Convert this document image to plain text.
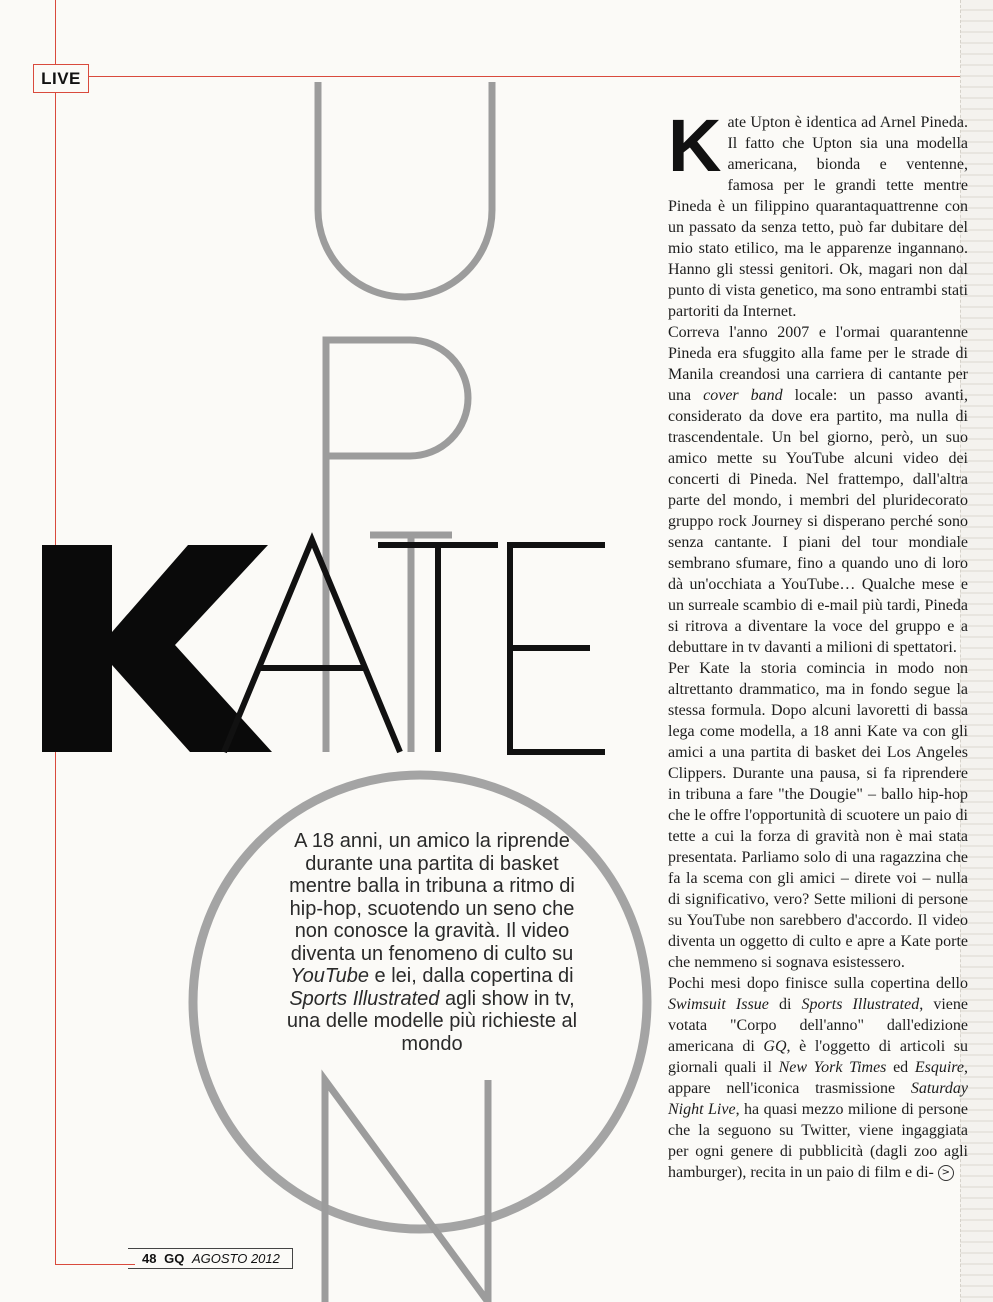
LIVE
A 18 anni, un amico la riprende durante una partita di basket mentre balla in tribuna a ritmo di hip-hop, scuotendo un seno che non conosce la gravità. Il video diventa un fenomeno di culto su YouTube e lei, dalla copertina di Sports Illustrated agli show in tv, una delle modelle più richieste al mondo

Kate Upton è identica ad Arnel Pineda. Il fatto che Upton sia una modella americana, bionda e ventenne, famosa per le grandi tette mentre Pineda è un filippino quarantaquattrenne con un passato da senza tetto, può far dubitare del mio stato etilico, ma le apparenze ingannano. Hanno gli stessi genitori. Ok, magari non dal punto di vista genetico, ma sono entrambi stati partoriti da Internet.

Correva l'anno 2007 e l'ormai quarantenne Pineda era sfuggito alla fame per le strade di Manila creandosi una carriera di cantante per una cover band locale: un passo avanti, considerato da dove era partito, ma nulla di trascendentale. Un bel giorno, però, un suo amico mette su YouTube alcuni video dei concerti di Pineda. Nel frattempo, dall'altra parte del mondo, i membri del pluridecorato gruppo rock Journey si disperano perché sono senza cantante. I piani del tour mondiale sembrano sfumare, fino a quando uno di loro dà un'occhiata a YouTube… Qualche mese e un surreale scambio di e-mail più tardi, Pineda si ritrova a diventare la voce del gruppo e a debuttare in tv davanti a milioni di spettatori.

Per Kate la storia comincia in modo non altrettanto drammatico, ma in fondo segue la stessa formula. Dopo alcuni lavoretti di bassa lega come modella, a 18 anni Kate va con gli amici a una partita di basket dei Los Angeles Clippers. Durante una pausa, si fa riprendere in tribuna a fare "the Dougie" – ballo hip-hop che le offre l'opportunità di scuotere un paio di tette a cui la forza di gravità non è mai stata presentata. Parliamo solo di una ragazzina che fa la scema con gli amici – direte voi – nulla di significativo, vero? Sette milioni di persone su YouTube non sarebbero d'accordo. Il video diventa un oggetto di culto e apre a Kate porte che nemmeno si sognava esistessero.

Pochi mesi dopo finisce sulla copertina dello Swimsuit Issue di Sports Illustrated, viene votata "Corpo dell'anno" dall'edizione americana di GQ, è l'oggetto di articoli su giornali quali il New York Times ed Esquire, appare nell'iconica trasmissione Saturday Night Live, ha quasi mezzo milione di persone che la seguono su Twitter, viene ingaggiata per ogni genere di pubblicità (dagli zoo agli hamburger), recita in un paio di film e di- >

48 GQ AGOSTO 2012
